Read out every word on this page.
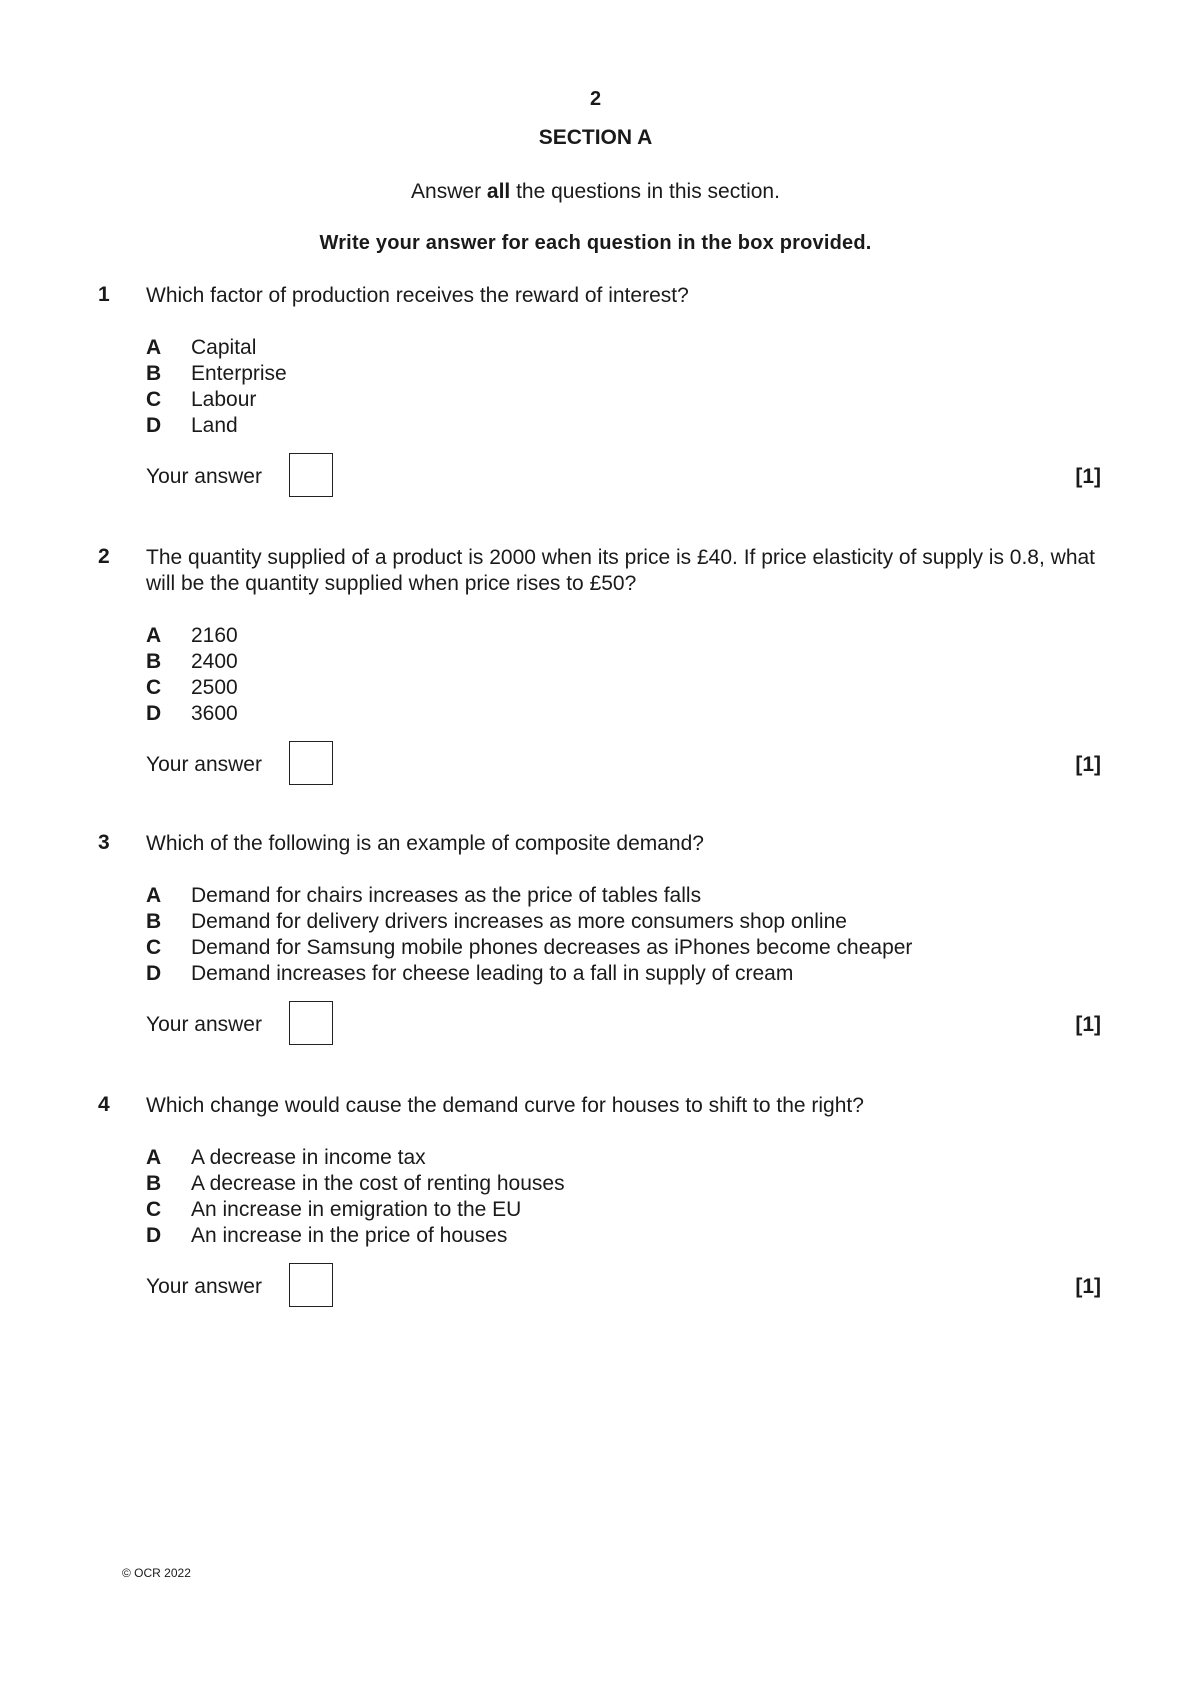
2
SECTION A
Answer all the questions in this section.
Write your answer for each question in the box provided.
1 Which factor of production receives the reward of interest?
A Capital
B Enterprise
C Labour
D Land
Your answer	[1]
2 The quantity supplied of a product is 2000 when its price is £40. If price elasticity of supply is 0.8, what will be the quantity supplied when price rises to £50?
A 2160
B 2400
C 2500
D 3600
Your answer	[1]
3 Which of the following is an example of composite demand?
A Demand for chairs increases as the price of tables falls
B Demand for delivery drivers increases as more consumers shop online
C Demand for Samsung mobile phones decreases as iPhones become cheaper
D Demand increases for cheese leading to a fall in supply of cream
Your answer	[1]
4 Which change would cause the demand curve for houses to shift to the right?
A A decrease in income tax
B A decrease in the cost of renting houses
C An increase in emigration to the EU
D An increase in the price of houses
Your answer	[1]
© OCR 2022
